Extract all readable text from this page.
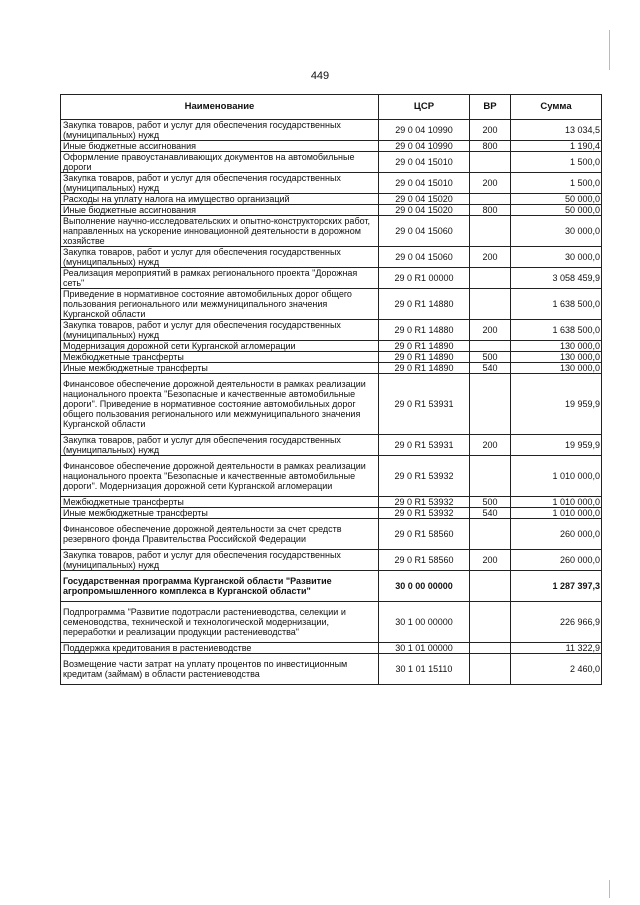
449
Наименование	ЦСР	ВР	Сумма
Закупка товаров, работ и услуг для обеспечения государственных (муниципальных) нужд	29 0 04 10990	200	13 034,5
Иные бюджетные ассигнования	29 0 04 10990	800	1 190,4
Оформление правоустанавливающих документов на автомобильные дороги	29 0 04 15010		1 500,0
Закупка товаров, работ и услуг для обеспечения государственных (муниципальных) нужд	29 0 04 15010	200	1 500,0
Расходы на уплату налога на имущество организаций	29 0 04 15020		50 000,0
Иные бюджетные ассигнования	29 0 04 15020	800	50 000,0
Выполнение научно-исследовательских и опытно-конструкторских работ, направленных на ускорение инновационной деятельности в дорожном хозяйстве	29 0 04 15060		30 000,0
Закупка товаров, работ и услуг для обеспечения государственных (муниципальных) нужд	29 0 04 15060	200	30 000,0
Реализация мероприятий в рамках регионального проекта "Дорожная сеть"	29 0 R1 00000		3 058 459,9
Приведение в нормативное состояние автомобильных дорог общего пользования регионального или межмуниципального значения Курганской области	29 0 R1 14880		1 638 500,0
Закупка товаров, работ и услуг для обеспечения государственных (муниципальных) нужд	29 0 R1 14880	200	1 638 500,0
Модернизация дорожной сети Курганской агломерации	29 0 R1 14890		130 000,0
Межбюджетные трансферты	29 0 R1 14890	500	130 000,0
Иные межбюджетные трансферты	29 0 R1 14890	540	130 000,0
Финансовое обеспечение дорожной деятельности в рамках реализации национального проекта "Безопасные и качественные автомобильные дороги". Приведение в нормативное состояние автомобильных дорог общего пользования регионального или межмуниципального значения Курганской области	29 0 R1 53931		19 959,9
Закупка товаров, работ и услуг для обеспечения государственных (муниципальных) нужд	29 0 R1 53931	200	19 959,9
Финансовое обеспечение дорожной деятельности в рамках реализации национального проекта "Безопасные и качественные автомобильные дороги". Модернизация дорожной сети Курганской агломерации	29 0 R1 53932		1 010 000,0
Межбюджетные трансферты	29 0 R1 53932	500	1 010 000,0
Иные межбюджетные трансферты	29 0 R1 53932	540	1 010 000,0
Финансовое обеспечение дорожной деятельности за счет средств резервного фонда Правительства Российской Федерации	29 0 R1 58560		260 000,0
Закупка товаров, работ и услуг для обеспечения государственных (муниципальных) нужд	29 0 R1 58560	200	260 000,0
Государственная программа Курганской области "Развитие агропромышленного комплекса в Курганской области"	30 0 00 00000		1 287 397,3
Подпрограмма "Развитие подотрасли растениеводства, селекции и семеноводства, технической и технологической модернизации, переработки и реализации продукции растениеводства"	30 1 00 00000		226 966,9
Поддержка кредитования в растениеводстве	30 1 01 00000		11 322,9
Возмещение части затрат на уплату процентов по инвестиционным кредитам (займам) в области растениеводства	30 1 01 15110		2 460,0
